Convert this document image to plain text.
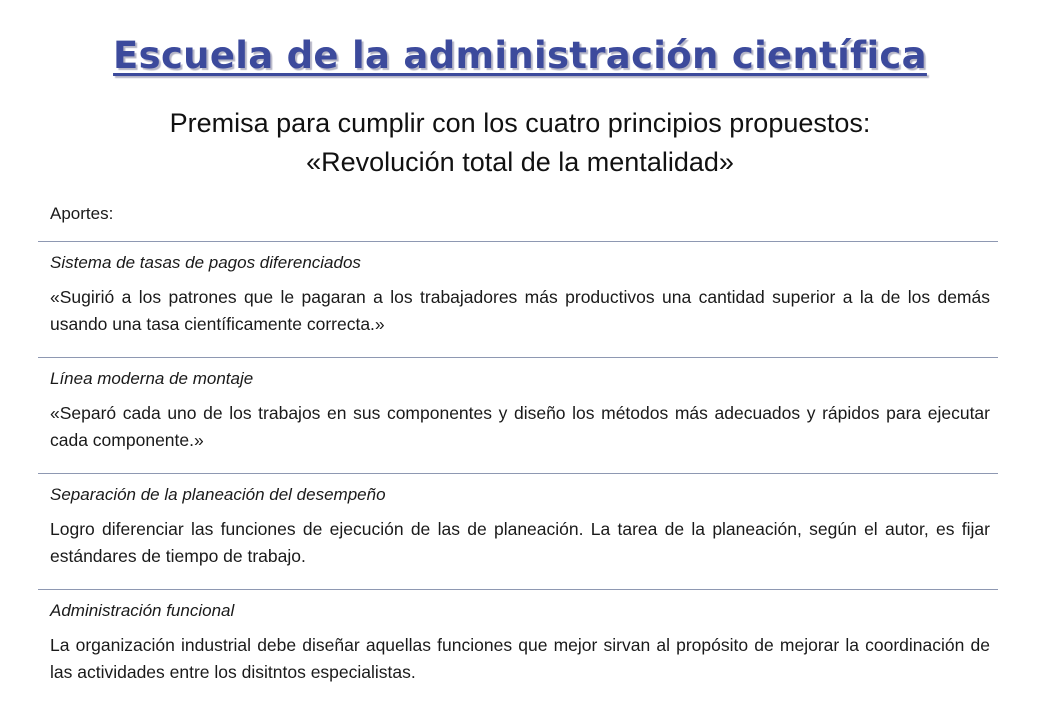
Escuela de la administración científica
Premisa para cumplir con los cuatro principios propuestos:
«Revolución total de la mentalidad»
Aportes:

Sistema de tasas de pagos diferenciados

«Sugirió a los patrones que le pagaran a los trabajadores más productivos una cantidad superior a la de los demás usando una tasa científicamente correcta.»

Línea moderna de montaje

«Separó cada uno de los trabajos en sus componentes y diseño los métodos más adecuados y rápidos para ejecutar cada componente.»

Separación de la planeación del desempeño

Logro diferenciar las funciones de ejecución de las de planeación. La tarea de la planeación, según el autor, es fijar estándares de tiempo de trabajo.

Administración funcional

La organización industrial debe diseñar aquellas funciones que mejor sirvan al propósito de mejorar la coordinación de las actividades entre los disitntos especialistas.
